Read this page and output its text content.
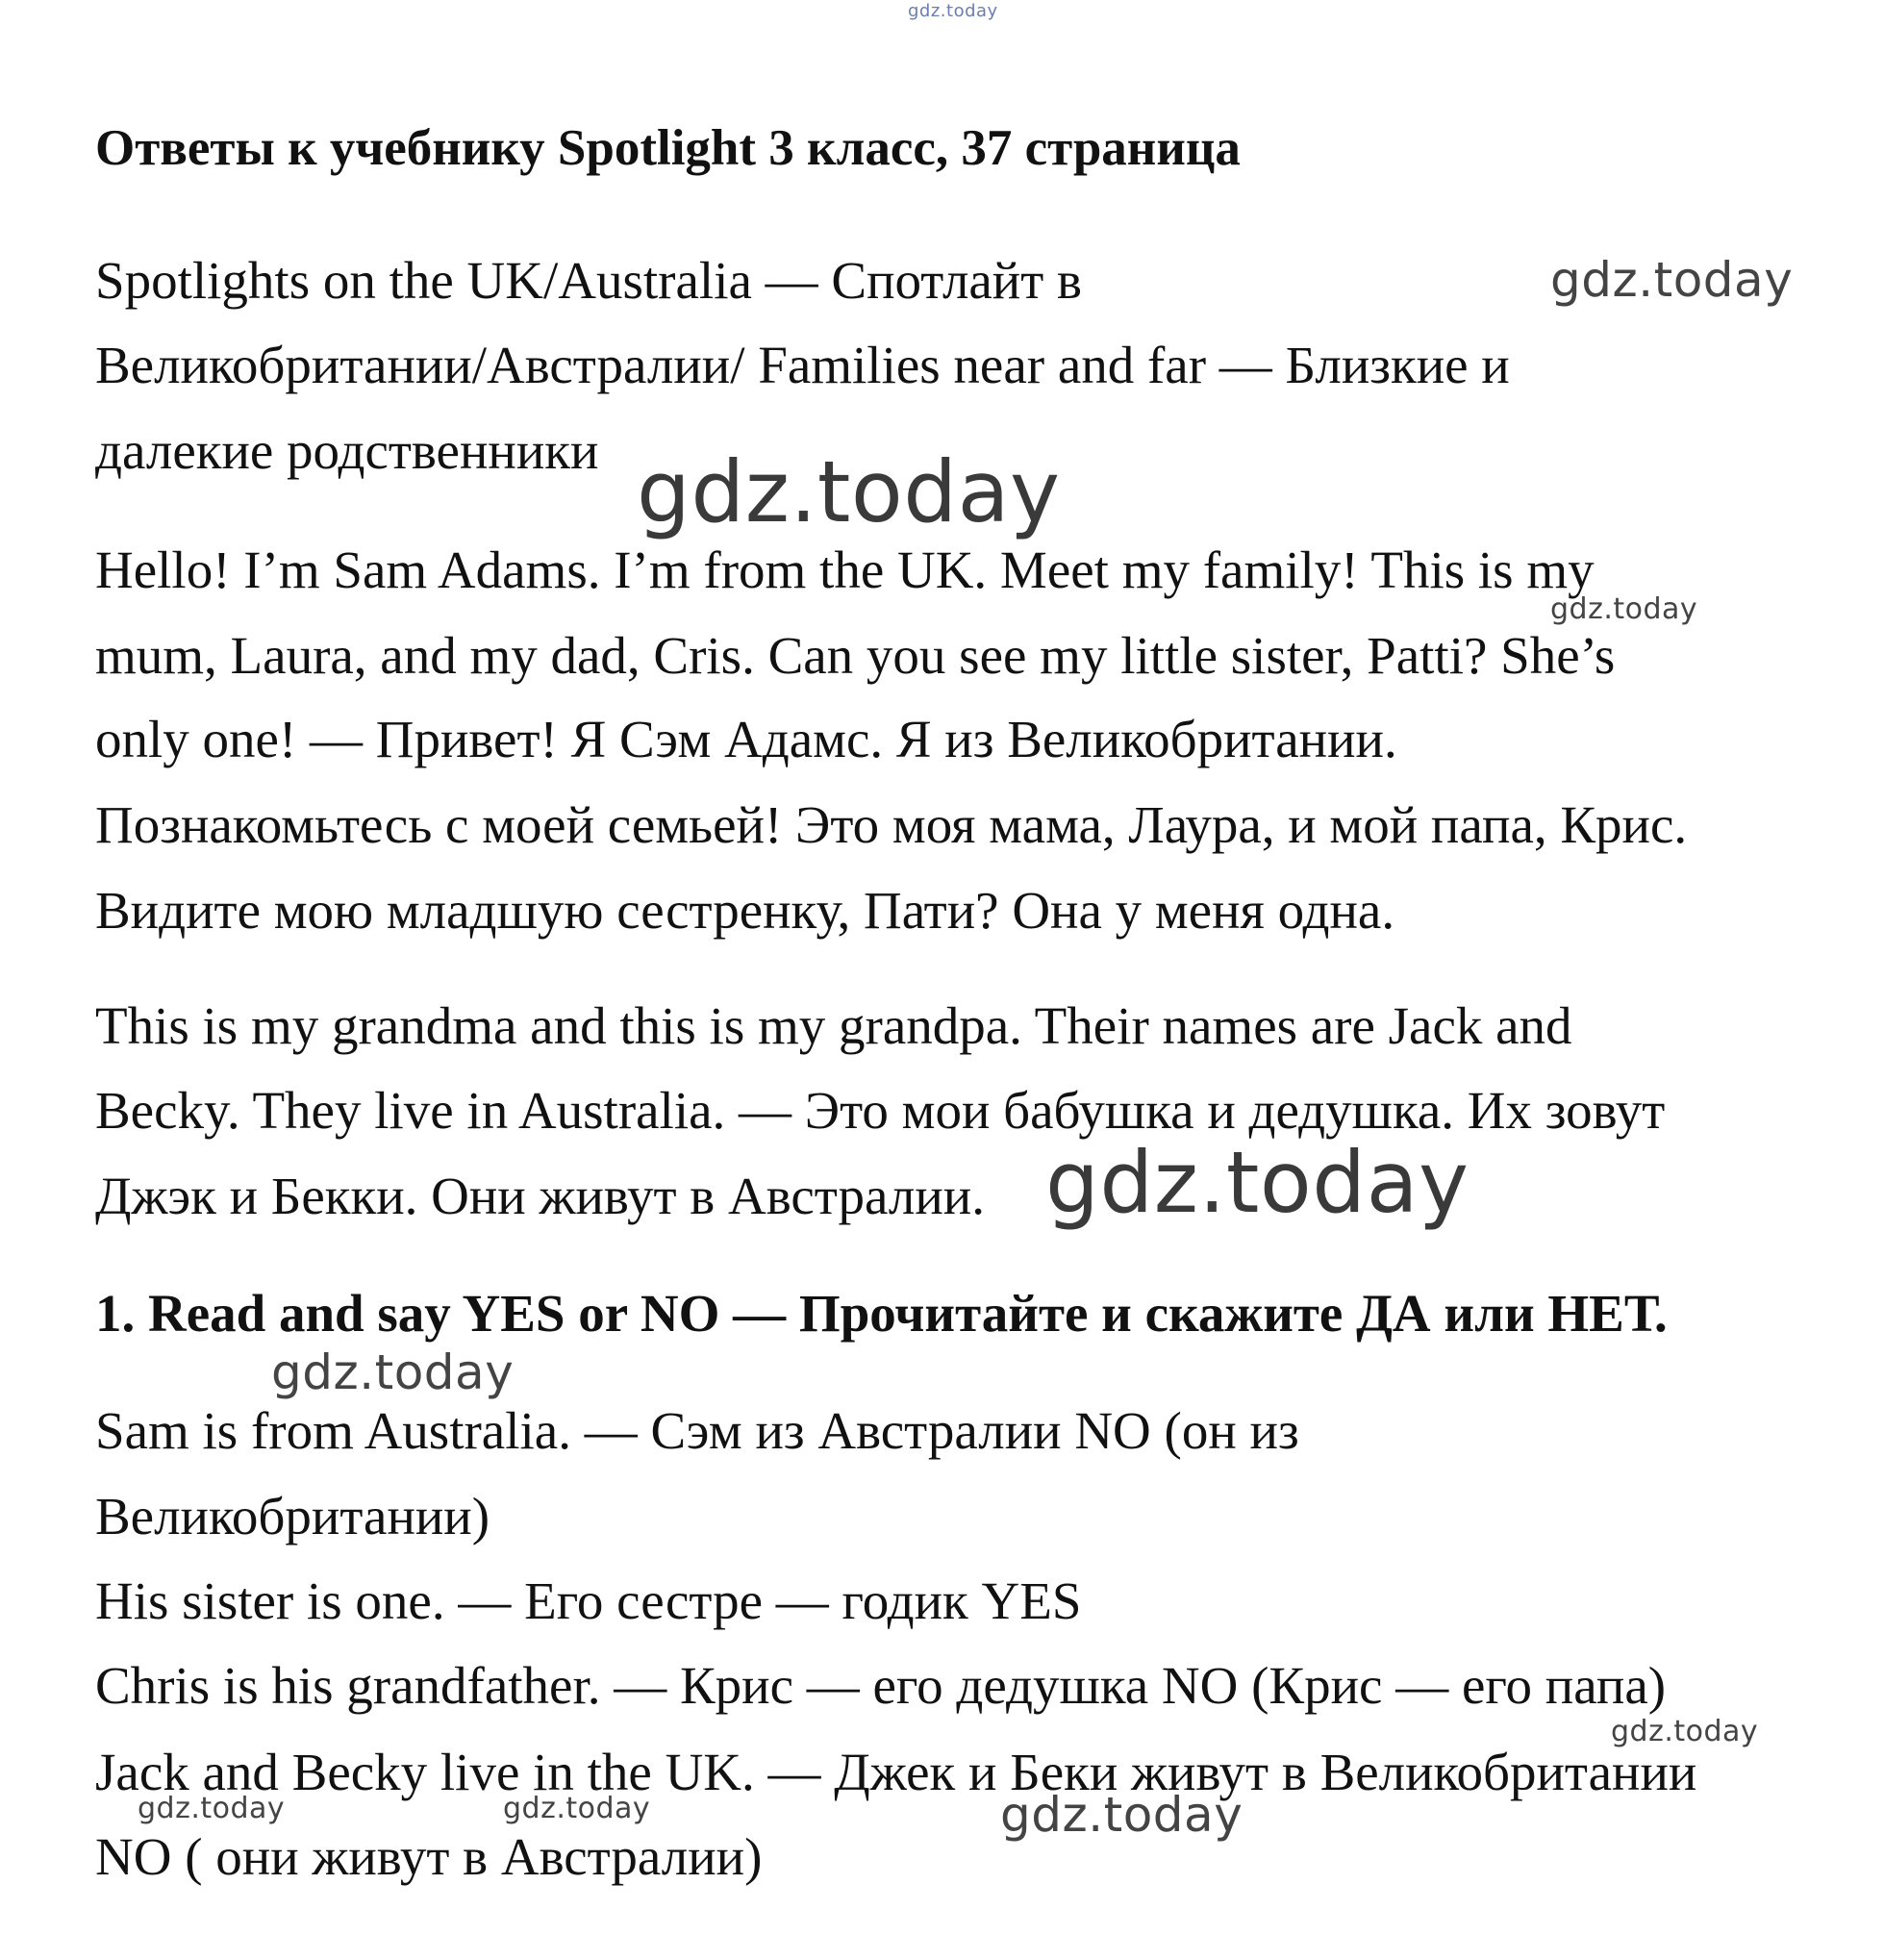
gdz.today
Ответы к учебнику Spotlight 3 класс, 37 страница
Spotlights on the UK/Australia — Спотлайт в	gdz.today
Великобритании/Австралии/ Families near and far — Близкие и
далекие родственники gdz.today
Hello! I’m Sam Adams. I’m from the UK. Meet my family! This is my
gdz.today
mum, Laura, and my dad, Cris. Can you see my little sister, Patti? She’s
only one! — Привет! Я Сэм Адамс. Я из Великобритании.
Познакомьтесь с моей семьей! Это моя мама, Лаура, и мой папа, Крис.
Видите мою младшую сестренку, Пати? Она у меня одна.
This is my grandma and this is my grandpa. Their names are Jack and
Becky. They live in Australia. — Это мои бабушка и дедушка. Их зовут
Джэк и Бекки. Они живут в Австралии. gdz.today
1. Read and say YES or NO — Прочитайте и скажите ДА или НЕТ.
gdz.today
Sam is from Australia. — Сэм из Австралии NO (он из
Великобритании)
His sister is one. — Его сестре — годик YES
Chris is his grandfather. — Крис — его дедушка NO (Крис — его папа)
gdz.today
Jack and Becky live in the UK. — Джек и Беки живут в Великобритании
gdz.today	gdz.today	gdz.today
NO ( они живут в Австралии)
